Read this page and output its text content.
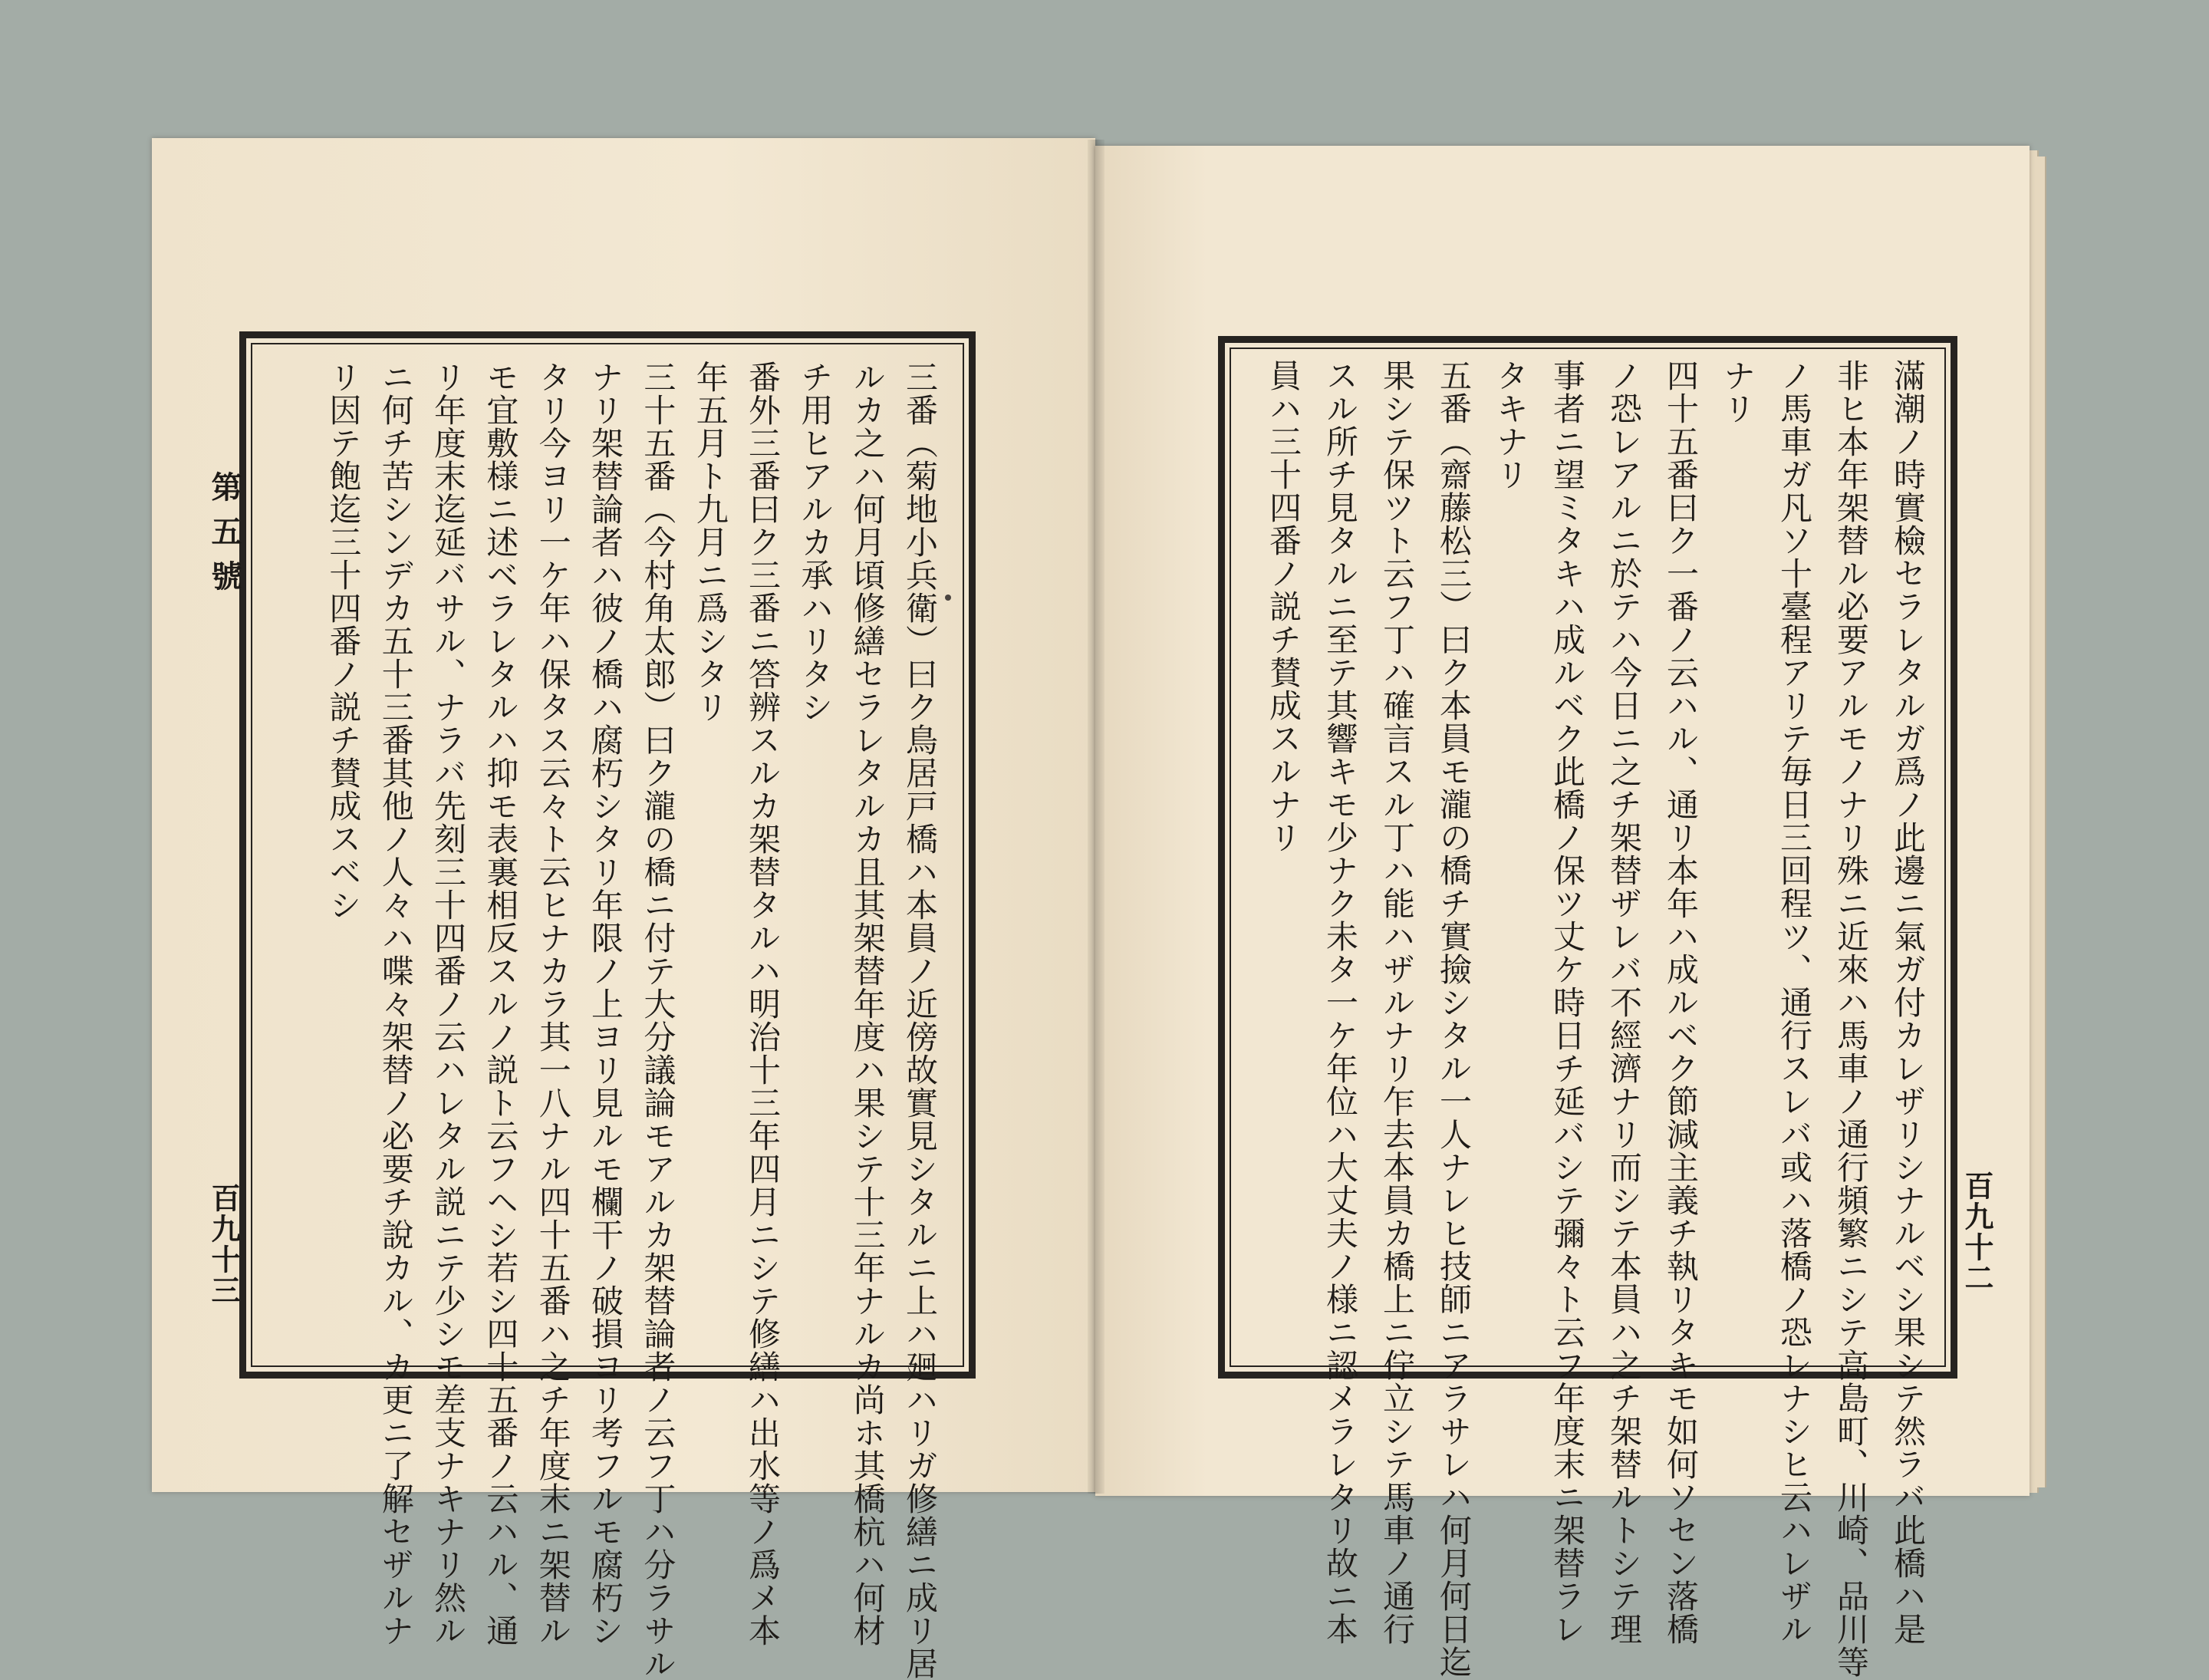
三番（菊地小兵衛）曰ク鳥居戸橋ハ本員ノ近傍故實見シタルニ上ハ廻ハリガ修繕ニ成リ居
ルカ之ハ何月頃修繕セラレタルカ且其架替年度ハ果シテ十三年ナルカ尚ホ其橋杭ハ何材
チ用ヒアルカ承ハリタシ
番外三番曰ク三番ニ答辨スルカ架替タルハ明治十三年四月ニシテ修繕ハ出水等ノ爲メ本
年五月ト九月ニ爲シタリ
三十五番（今村角太郎）曰ク瀧の橋ニ付テ大分議論モアルカ架替論者ノ云フ丁ハ分ラサル
ナリ架替論者ハ彼ノ橋ハ腐朽シタリ年限ノ上ヨリ見ルモ欄干ノ破損ヨリ考フルモ腐朽シ
タリ今ヨリ一ケ年ハ保タス云々ト云ヒナカラ其一八ナル四十五番ハ之チ年度末ニ架替ル
モ宜敷様ニ述ベラレタルハ抑モ表裏相反スルノ説ト云フヘシ若シ四十五番ノ云ハル、通
リ年度末迄延バサル、ナラバ先刻三十四番ノ云ハレタル説ニテ少シモ差支ナキナリ然ル
ニ何チ苦シンデカ五十三番其他ノ人々ハ喋々架替ノ必要チ說カル、カ更ニ了解セザルナ
リ因テ飽迄三十四番ノ説チ賛成スベシ	滿潮ノ時實檢セラレタルガ爲ノ此邊ニ氣ガ付カレザリシナルベシ果シテ然ラバ此橋ハ是
非ヒ本年架替ル必要アルモノナリ殊ニ近來ハ馬車ノ通行頻繁ニシテ高島町、川崎、品川等
ノ馬車ガ凡ソ十臺程アリテ毎日三回程ツ、通行スレバ或ハ落橋ノ恐レナシヒ云ハレザル
ナリ
四十五番曰ク一番ノ云ハル、通リ本年ハ成ルベク節減主義チ執リタキモ如何ソセン落橋
ノ恐レアルニ於テハ今日ニ之チ架替ザレバ不經濟ナリ而シテ本員ハ之チ架替ルトシテ理
事者ニ望ミタキハ成ルベク此橋ノ保ツ丈ケ時日チ延バシテ彌々ト云フ年度末ニ架替ラレ
タキナリ
五番（齋藤松三）曰ク本員モ瀧の橋チ實撿シタル一人ナレヒ技師ニアラサレハ何月何日迄
果シテ保ツト云フ丁ハ確言スル丁ハ能ハザルナリ乍去本員カ橋上ニ佇立シテ馬車ノ通行
スル所チ見タルニ至テ其響キモ少ナク未タ一ケ年位ハ大丈夫ノ様ニ認メラレタリ故ニ本
員ハ三十四番ノ説チ賛成スルナリ
第五號
百九十三	百九十二
